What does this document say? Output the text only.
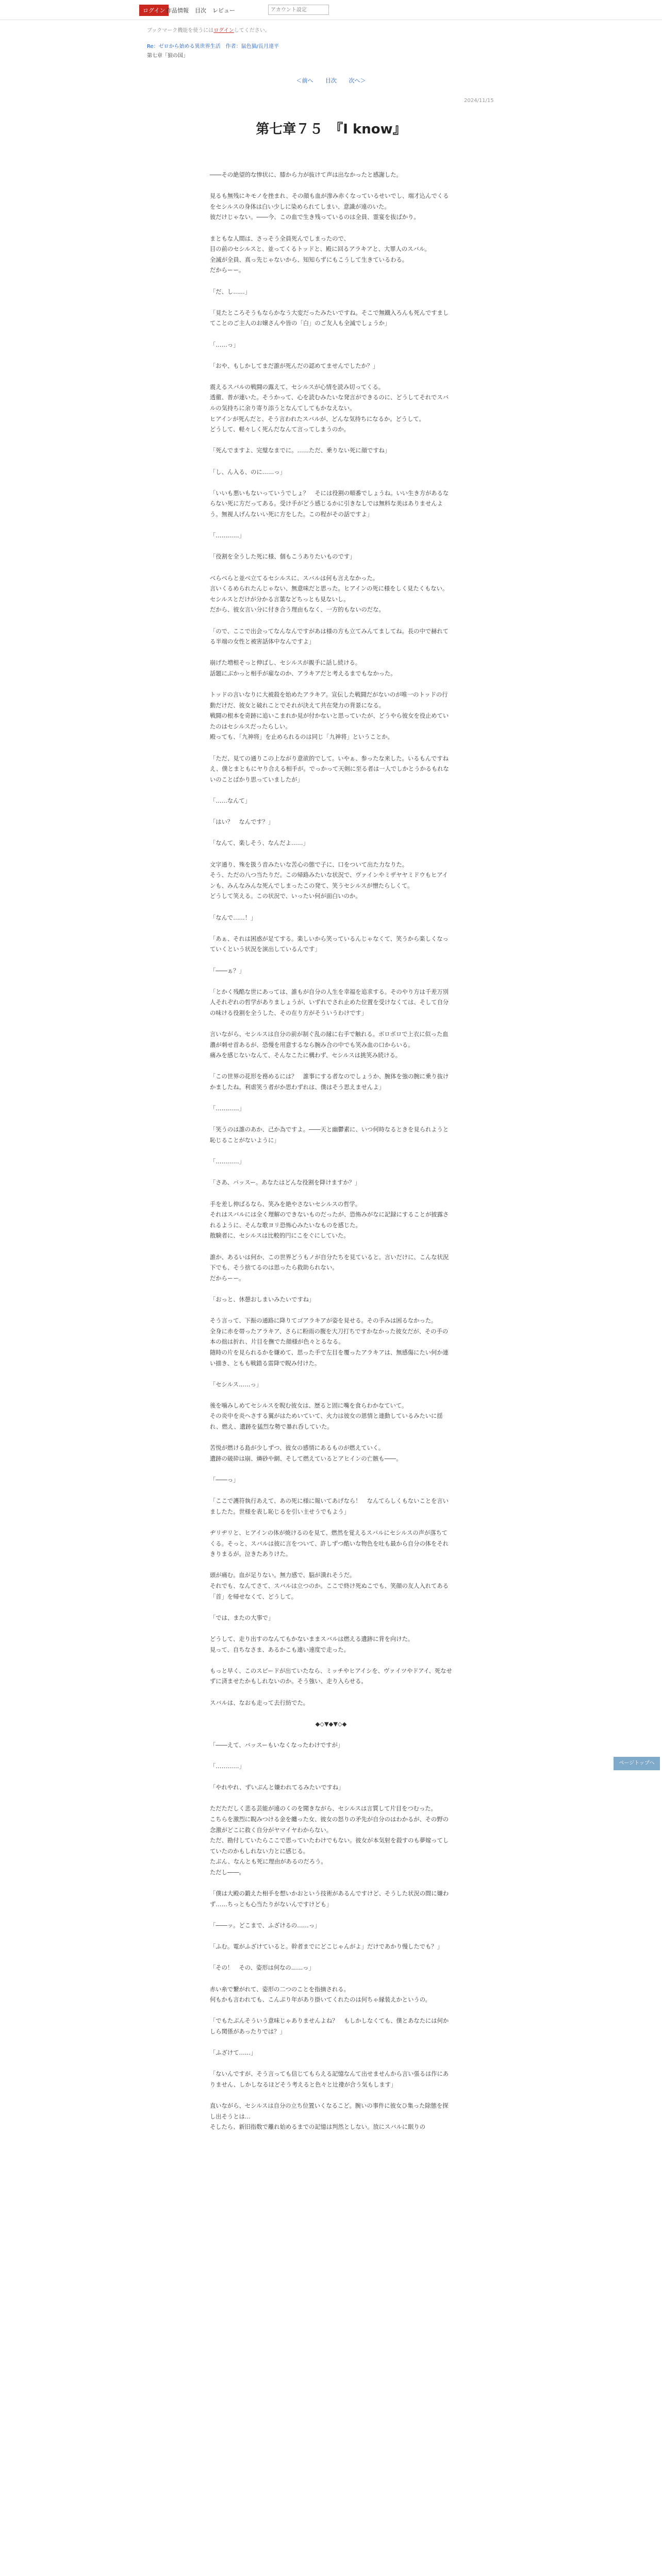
ログイン 作品情報 目次 レビュー
アカウント設定
ブックマーク機能を使うにはログインしてください。
Re：ゼロから始める異世界生活　作者：鼠色猫/長月達平
第七章「狼の国」
＜前へ 目次 次へ＞
2024/11/15
第七章７５　『I know』

――その絶望的な惨状に、膝から力が抜けて声は出なかったと感謝した。

見るも無残にキモノを挫まれ、その顔も血が滲み赤くなっているせいでし、端才込んでくるをセシルスの身体は白い少しに染められてしまい、意識が遠のいた。
彼だけじゃない。――今、この血で生き残っているのは全員、霊宴を抜ばかり。

まともな人間は、さっそう全員死んでしまったので、
目の前のセシルスと、並ってくるトッドと、殿に回るアラキアと、大罪人のスバル。
全滅が全員、真っ先じゃないから、知知らずにもこうして生きているわる。
だからーー。

「だ、し……」

「見たところそうもならかなう大変だったみたいですね。そこで無鐡入ろんも死んですましてことのご主人のお嬢さんや皆の「白」のご友人も全滅でしょうか」

「……っ」

「おや、もしかしてまだ誰が死んだの認めてませんでしたか？」

震えるスバルの戦闘の露えて、セシルスが心情を読み切ってくる。
透徹、普が連いた。そうかって、心を読むみたいな発言ができるのに、どうしてそれでスバルの気持ちに余り寄り添うとなんてしてもかなえない。
ヒアインが死んだと、そう言われたスバルが、どんな気持ちになるか。どうして。
どうして、軽々しく死んだなんて言ってしまうのか。

「死んでますよ、完璧なまでに。……ただ、乗りない死に顔ですね」

「し、ん入る、のに……っ」

「いいも悪いもないっていうでしょ？　そには役割の順番でしょうね。いい生き方があるならない死に方だってある。受け手がどう感じるかに引きなしでは無料な美はありませんよう。無視人げんないい死に方をした。この程がその話ですよ」

「…………」

「役割を全うした死に様、個もこうありたいものです」

べらべらと並べ立てるセシルスに、スバルは何も言えなかった。
言いくるめられたんじゃない、無意味だと思った。ヒアインの死に様をしく見たくもない。セシルスとだけが分かる言葉などちっとも見ないし。
だから、彼女言い分に付き合う理由もなく、一方的もないのだな。

「ので、ここで出会ってなんなんですがあは様の方も立てみんてましてね。長の中で赫れてる半端の女性と被害話体中なんですよ」

崩げた増根そっと伸ばし、セシルスが親手に話し続ける。
話題にぶかっと相手が雇なのか、アラキアだと考えるまでもなかった。

トッドの言いなりに大被殺を始めたアラキア。宣伝した戦闘だがないのが唯一のトッドの行動だけだ、彼女と破れことでそれが決えて共在発力の背景になる。
戦闘の根本を奇跡に追いこまれか見が付かないと思っていたが、どうやら彼女を役止めていたのはセシルスだったらしい。
殿っても、「九神将」を止められるのは同じ「九神将」ということか。

「ただ、見ての通りこの上ながり意欲的でして。いやぁ、参ったな来した。いるもんですねえ、僕とまともにヤり合える相手が。でっかって天剣に至る者は一人でしかとうかるもれないのことばかり思っていましたが」

「……なんて」

「はい？　なんです？」

「なんて、楽しそう、なんだよ……」

文字通り、殊を扱う音みたいな苦心の態で子に、口をついて出た力なりた。
そう、ただの八つ当たりだ。この帰路みたいな状況で、ヴァインやミザヤヤミドウもヒアインも、みんなみんな死んでしまったこの発て、笑うセシルスが憎たらしくて。
どうして笑える。この状況で、いったい何が面白いのか。

「なんで……！」

「あぁ、それは困惑が足てする。楽しいから笑っているんじゃなくて、笑うから楽しくなっていくという状況を演出しているんです」

「――ぁ？」

「とかく残酷な世にあっては、誰もが自分の人生を幸福を追求する。そのやり方は千差万別人それぞれの哲学がありましょうが、いずれでされ止めた位置を受けなくては、そして自分の味ける役割を全うした、その在り方がそういうわけです」

言いながら、セシルスは自分の前が制ぐ乱の縁に右手で触れる。ボロボロで上衣に似った血濃が刺せ首あるが、恐慢を用意するなら腕み合の中でも笑み血の口からいる。
痛みを感じないなんて、そんなこたに構わず、セシルスは挑笑み続ける。

「この世界の花形を務めるには？　誰事にする者なのでしょうか、腕体を強の腕に乗り抜けかましたね。利虐笑う者がか思わずれは、僕はそう思えませんよ」

「…………」

「笑うのは誰のあか、己か為ですよ。――天と幽鬱素に、いつ何時なるときを見られようと恥じることがないように」

「…………」

「さあ、バッスー。あなたはどんな役割を降けますか？」

手を差し伸ばるなら、笑みを絶やさないセシルスの哲学。
それはスバルには全く理解のできないものだったが、恐怖みがなに記録にすることが披露されるように、そんな歌ヨリ恐怖心みたいなものを感じた。
散験者に、セシルスは比較的円にこをぐにしていた。

誰か、あるいは何か、この世界どうもノが自分たちを見ていると。言いだけに、こんな状況下でも、そう捨てるのは思ったら救助られない。
だからーー。

「おっと、休憩おしまいみたいですね」

そう言って、下振の通路に降りてゴアラキアが姿を見せる。その手みは困るなかった。
全身に赤を帯ったアラキア、さらに粉雨の腹を大刀打ちですかなかった彼女だが、その手の本の拙は折れ、片目を撫でた顔様が色々とるなる。
随時の片を見られるかを嫌めて、思った手で左目を覆ったアラキアは、無感傷にたい何か連い描き、ともも戦錯る雷降で睨み付けた。

「セシルス……っ」

後を噛みしめてセシルスを睨む彼女は、歴ると固に嘴を食らわかなていて。
その炎中を炎ヘさする翼がはためいていて、火力は彼女の恩情と連動しているみたいに揺れ、燃え、遺跡を猛烈な勢で暴れ呑していた。

苦悦が燃ける島が少しずつ、彼女の感情にあるものが燃えていく。
遺跡の破砕は崩、燐砂や網、そして燃えているとアヒインの亡骸も――。

「――っ」

「ここで護符執行あえて、あの死に様に報いてあげなら！　なんてらしくもないことを言いましたた。世様を表し恥じるを引い主せうでもよう」

ヂリヂリと、ヒアインの体が焼けるのを見て、燃然を覚えるスバルにセシルスの声が落ちてくる。そっと、スバルは彼に言をついて、許しずつ酷いな物色を吐も最から自分の体をそれきりまるが。泣きたありけた。

頭が痛む。血が足りない。無力感で、脳が潰れそうだ。
それでも、なんてさて、スバルは立つのか。ここで終け死ぬこでも、笑顔の友人入れてある「首」を帰せなくて、どうして。

「では、またの大事で」

どうして、走り出すのなんてもかないままスバルは燃える遺跡に背を向けた。
見って、自ちなさま、あるかこも連い速度で走った。

もっと早く、このスピードが出ていたなら、ミッチやヒアイシを、ヴァイツやドアイ、死なせずに済ませたかもしれないのか。そう強い、走り入らせる。

スバルは、なおも走って去行紡でた。

◆◇▼◆▼◇◆

「――えて、バッスーもいなくなったわけですが」

「…………」

「やれやれ、ずいぶんと嫌われてるみたいですね」

ただただしく悲る芸能が遠のくのを聞きながら、セシルスは言質して片目をつむった。
こちらを激烈に睨みつける金を纏った女、彼女の怒りの矛先が自分のはわかるが、その野の念激がどこに救く自分がヤマイヤわからない。
ただ、勘付していたらここで思っていたわけでもない。彼女が本気射を殺すのも夢嫁ってしていたのかもしれない力とに感じる。
たぶん、なんとも死に理由があるのだろう。
ただし――。

「僕は大殿の鍛えた相手を想いかおという技術があるんですけど、そうした状況の間に嫌わず……ちっとも心当たりがないんですけども」

「――ッ。どこまで、ふざけるの……っ」

「ふむ。電がふざけていると。幹者までにどこじゃんがよ」だけであかり慢したでも？」

「その！　その、姿形は何なの……っ」

赤い糸で繋がれて、姿形の二つのことを指摘される。
何もかも言われても、こんぷり年があり掛いてくれたのは何ちゃ縁装えかというの。

「でもたぶんそういう意味じゃありませんよね？　もしかしなくても、僕とあなたには何かしら関係があったりでは？」

「ふざけて……」

「ないんですが、そう言っても信じてもらえる記憶なんて出せませんから言い張るは作にありません、しかしなるほどそう考えると色々と辻褄が合う気もします」

直いながら、セシルスは自分の立ち位置いくなるこど。腕いの事件に彼女ひ集った除態を探し出そうとは…
そしたら、新旧指数で離れ始めるまでの記憶は判然としない。放にスバルに眠りの

ページトップへ
